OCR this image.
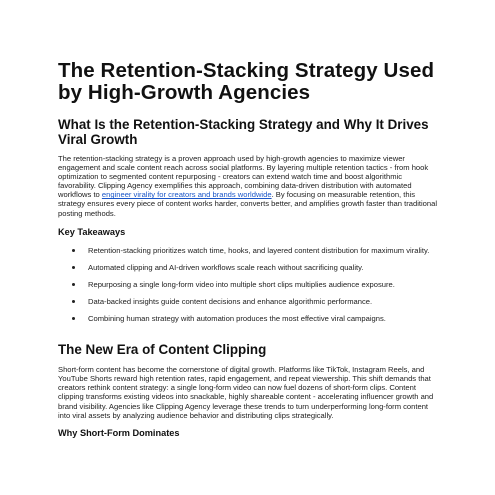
The Retention-Stacking Strategy Used by High-Growth Agencies
What Is the Retention-Stacking Strategy and Why It Drives Viral Growth

The retention-stacking strategy is a proven approach used by high-growth agencies to maximize viewer engagement and scale content reach across social platforms. By layering multiple retention tactics - from hook optimization to segmented content repurposing - creators can extend watch time and boost algorithmic favorability. Clipping Agency exemplifies this approach, combining data-driven distribution with automated workflows to engineer virality for creators and brands worldwide. By focusing on measurable retention, this strategy ensures every piece of content works harder, converts better, and amplifies growth faster than traditional posting methods.

Key Takeaways
Retention-stacking prioritizes watch time, hooks, and layered content distribution for maximum virality.
Automated clipping and AI-driven workflows scale reach without sacrificing quality.
Repurposing a single long-form video into multiple short clips multiplies audience exposure.
Data-backed insights guide content decisions and enhance algorithmic performance.
Combining human strategy with automation produces the most effective viral campaigns.
The New Era of Content Clipping

Short-form content has become the cornerstone of digital growth. Platforms like TikTok, Instagram Reels, and YouTube Shorts reward high retention rates, rapid engagement, and repeat viewership. This shift demands that creators rethink content strategy: a single long-form video can now fuel dozens of short-form clips. Content clipping transforms existing videos into snackable, highly shareable content - accelerating influencer growth and brand visibility. Agencies like Clipping Agency leverage these trends to turn underperforming long-form content into viral assets by analyzing audience behavior and distributing clips strategically.

Why Short-Form Dominates
